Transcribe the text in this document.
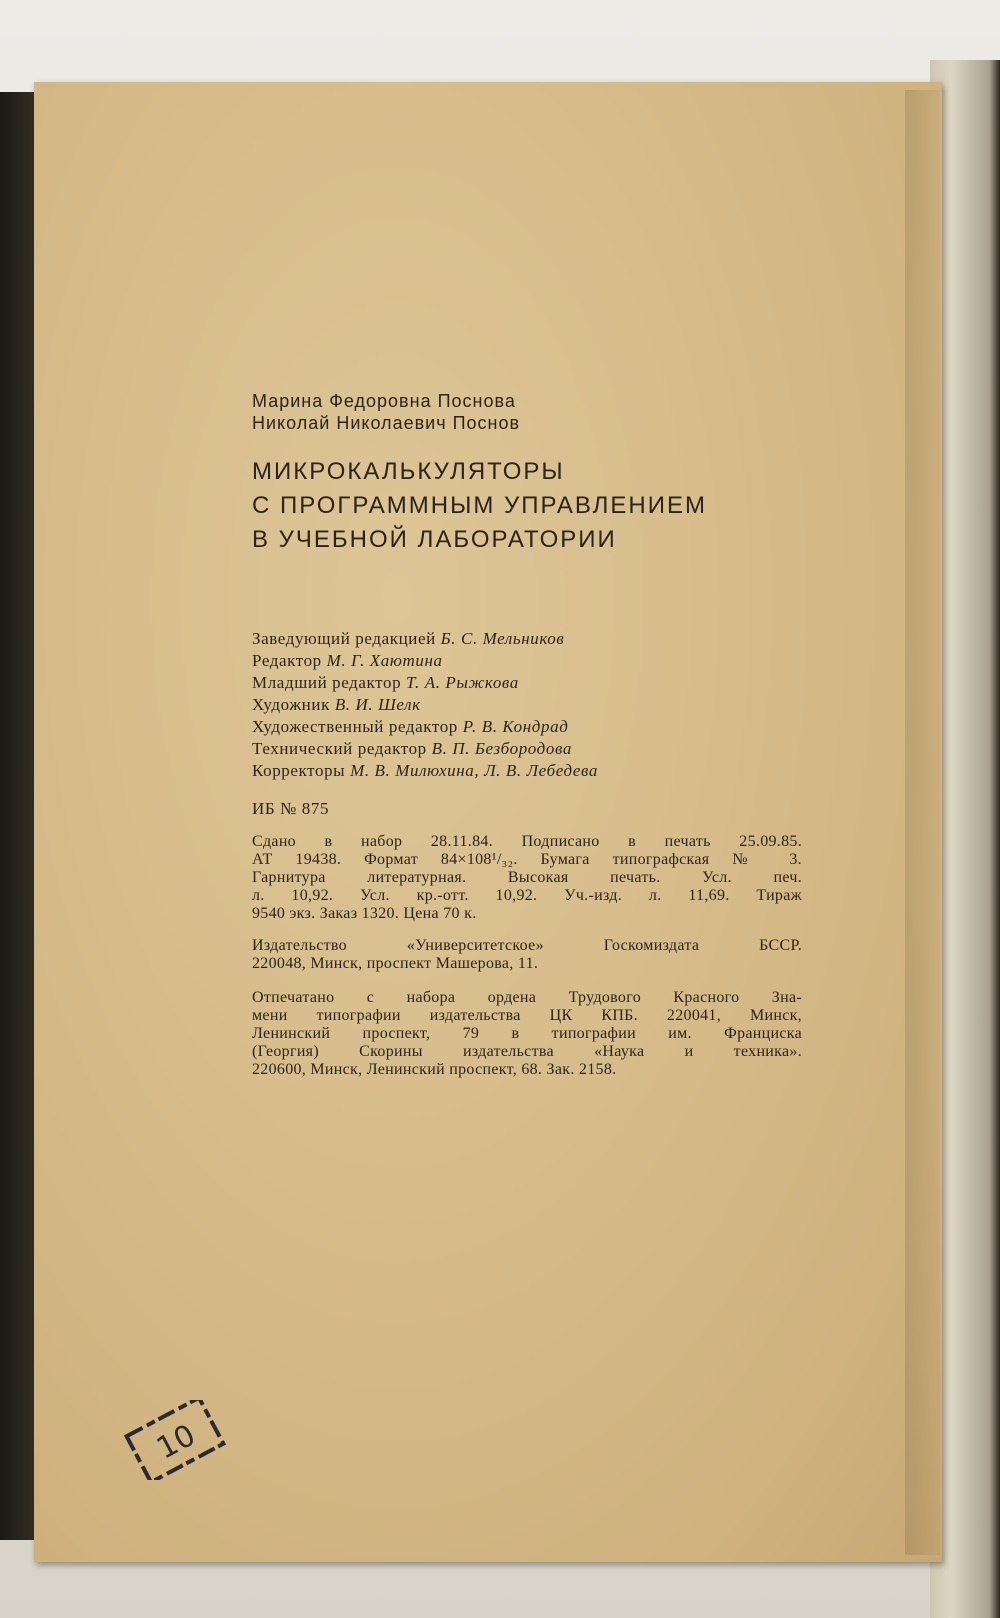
Марина Федоровна Поснова
Николай Николаевич Поснов
МИКРОКАЛЬКУЛЯТОРЫ
С ПРОГРАММНЫМ УПРАВЛЕНИЕМ
В УЧЕБНОЙ ЛАБОРАТОРИИ
Заведующий редакцией Б. С. Мельников
Редактор М. Г. Хаютина
Младший редактор Т. А. Рыжкова
Художник В. И. Шелк
Художественный редактор Р. В. Кондрад
Технический редактор В. П. Безбородова
Корректоры М. В. Милюхина, Л. В. Лебедева
ИБ № 875
Сдано в набор 28.11.84. Подписано в печать 25.09.85.
АТ 19438. Формат 84×108¹/₃₂. Бумага типографская № 3.
Гарнитура литературная. Высокая печать. Усл. печ.
л. 10,92. Усл. кр.-отт. 10,92. Уч.-изд. л. 11,69. Тираж
9540 экз. Заказ 1320. Цена 70 к.
Издательство «Университетское» Госкомиздата БССР.
220048, Минск, проспект Машерова, 11.
Отпечатано с набора ордена Трудового Красного Зна-
мени типографии издательства ЦК КПБ. 220041, Минск,
Ленинский проспект, 79 в типографии им. Франциска
(Георгия) Скорины издательства «Наука и техника».
220600, Минск, Ленинский проспект, 68. Зак. 2158.
10
